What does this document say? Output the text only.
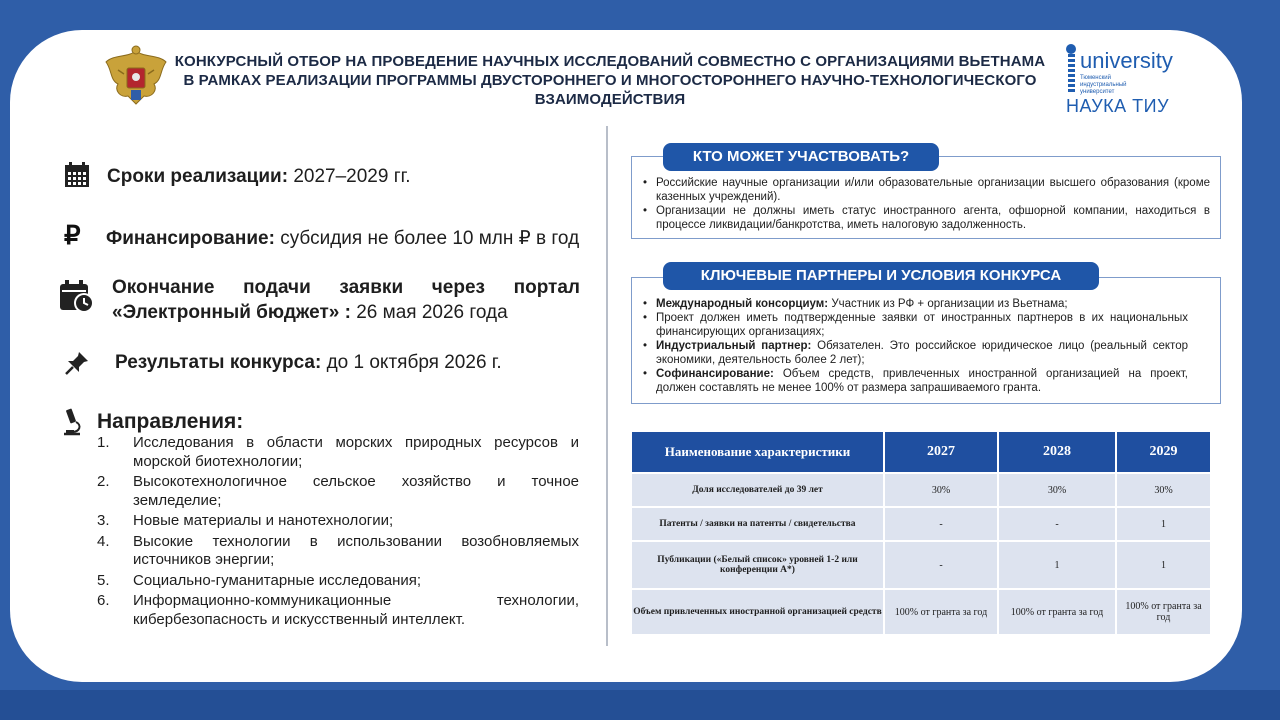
КОНКУРСНЫЙ ОТБОР НА ПРОВЕДЕНИЕ НАУЧНЫХ ИССЛЕДОВАНИЙ СОВМЕСТНО С ОРГАНИЗАЦИЯМИ ВЬЕТНАМА В РАМКАХ РЕАЛИЗАЦИИ ПРОГРАММЫ ДВУСТОРОННЕГО И МНОГОСТОРОННЕГО НАУЧНО-ТЕХНОЛОГИЧЕСКОГО ВЗАИМОДЕЙСТВИЯ
university
Тюменский индустриальный университет
НАУКА ТИУ
Сроки реализации: 2027–2029 гг.
₽ Финансирование: субсидия не более 10 млн ₽ в год
Окончание подачи заявки через портал «Электронный бюджет» : 26 мая 2026 года
Результаты конкурса: до 1 октября 2026 г.
Направления:
1. Исследования в области морских природных ресурсов и морской биотехнологии;
2. Высокотехнологичное сельское хозяйство и точное земледелие;
3. Новые материалы и нанотехнологии;
4. Высокие технологии в использовании возобновляемых источников энергии;
5. Социально-гуманитарные исследования;
6. Информационно-коммуникационные технологии, кибербезопасность и искусственный интеллект.
КТО МОЖЕТ УЧАСТВОВАТЬ?
• Российские научные организации и/или образовательные организации высшего образования (кроме казенных учреждений).
• Организации не должны иметь статус иностранного агента, офшорной компании, находиться в процессе ликвидации/банкротства, иметь налоговую задолженность.
КЛЮЧЕВЫЕ ПАРТНЕРЫ И УСЛОВИЯ КОНКУРСА
• Международный консорциум: Участник из РФ + организации из Вьетнама;
• Проект должен иметь подтвержденные заявки от иностранных партнеров в их национальных финансирующих организациях;
• Индустриальный партнер: Обязателен. Это российское юридическое лицо (реальный сектор экономики, деятельность более 2 лет);
• Софинансирование: Объем средств, привлеченных иностранной организацией на проект, должен составлять не менее 100% от размера запрашиваемого гранта.
Наименование характеристики	2027	2028	2029
Доля исследователей до 39 лет	30%	30%	30%
Патенты / заявки на патенты / свидетельства	-	-	1
Публикации («Белый список» уровней 1-2 или конференции A*)	-	1	1
Объем привлеченных иностранной организацией средств	100% от гранта за год	100% от гранта за год	100% от гранта за год
